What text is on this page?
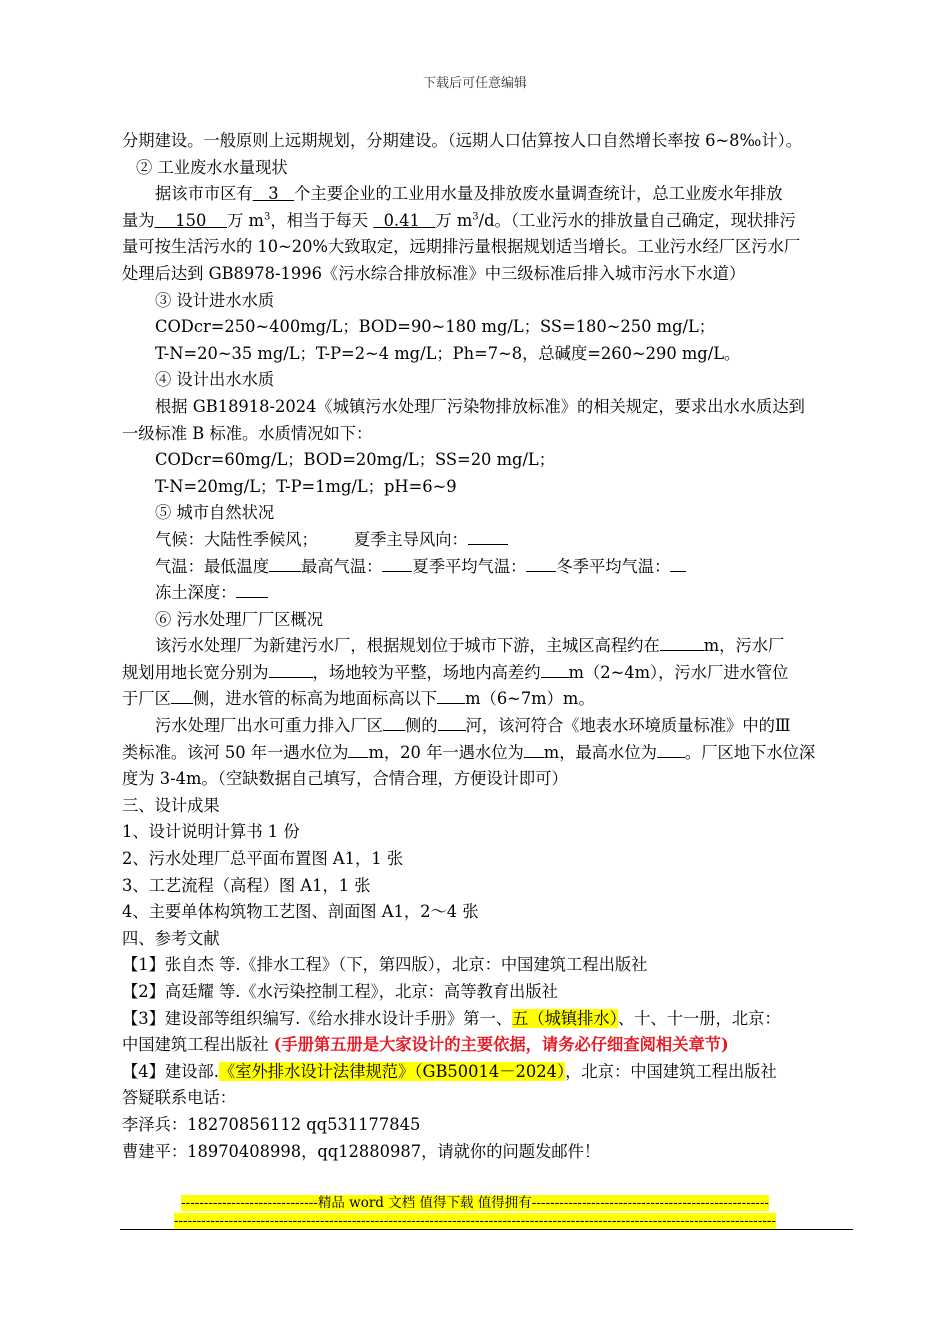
下载后可任意编辑
分期建设。一般原则上远期规划，分期建设。（远期人口估算按人口自然增长率按 6~8‰计）。
② 工业废水水量现状
据该市市区有   3   个主要企业的工业用水量及排放废水量调查统计，总工业废水年排放
量为    150    万 $m^3$，相当于每天   0.41   万 $m^3/d$。（工业污水的排放量自己确定，现状排污
量可按生活污水的 10~20%大致取定，远期排污量根据规划适当增长。工业污水经厂区污水厂
处理后达到 GB8978-1996《污水综合排放标准》中三级标准后排入城市污水下水道）
③ 设计进水水质
CODcr=250~400mg/L；BOD=90~180 mg/L；SS=180~250 mg/L；
T-N=20~35 mg/L；T-P=2~4 mg/L；Ph=7~8，总碱度=260~290 mg/L。
④ 设计出水水质
根据 GB18918-2024《城镇污水处理厂污染物排放标准》的相关规定，要求出水水质达到
一级标准 B 标准。水质情况如下：
CODcr=60mg/L；BOD=20mg/L；SS=20 mg/L；
T-N=20mg/L；T-P=1mg/L；pH=6~9
⑤ 城市自然状况
气候：大陆性季候风； 夏季主导风向：
气温：最低温度 最高气温： 夏季平均气温： 冬季平均气温：
冻土深度：
⑥ 污水处理厂厂区概况
该污水处理厂为新建污水厂，根据规划位于城市下游，主城区高程约在	m，污水厂
规划用地长宽分别为	，场地较为平整，场地内高差约 m（2~4m），污水厂进水管位
于厂区 侧，进水管的标高为地面标高以下 m（6~7m）m。
污水处理厂出水可重力排入厂区 侧的 河，该河符合《地表水环境质量标准》中的Ⅲ
类标准。该河 50 年一遇水位为 m，20 年一遇水位为 m，最高水位为 。厂区地下水位深
度为 3-4m。（空缺数据自己填写，合情合理，方便设计即可）
三、设计成果
1、设计说明计算书 1 份
2、污水处理厂总平面布置图 A1，1 张
3、工艺流程（高程）图 A1，1 张
4、主要单体构筑物工艺图、剖面图 A1，2～4 张
四、参考文献
【1】张自杰 等.《排水工程》（下，第四版），北京：中国建筑工程出版社
【2】高廷耀 等.《水污染控制工程》，北京：高等教育出版社
【3】建设部等组织编写.《给水排水设计手册》第一、五（城镇排水）、十、十一册，北京：
中国建筑工程出版社 (手册第五册是大家设计的主要依据，请务必仔细查阅相关章节)
【4】建设部.《室外排水设计法律规范》（GB50014－2024），北京：中国建筑工程出版社
答疑联系电话：
李泽兵：18270856112 qq531177845
曹建平：18970408998，qq12880987，请就你的问题发邮件！
------------------------------精品 word 文档 值得下载 值得拥有----------------------------------------------------
------------------------------------------------------------------------------------------------------------------------------------
